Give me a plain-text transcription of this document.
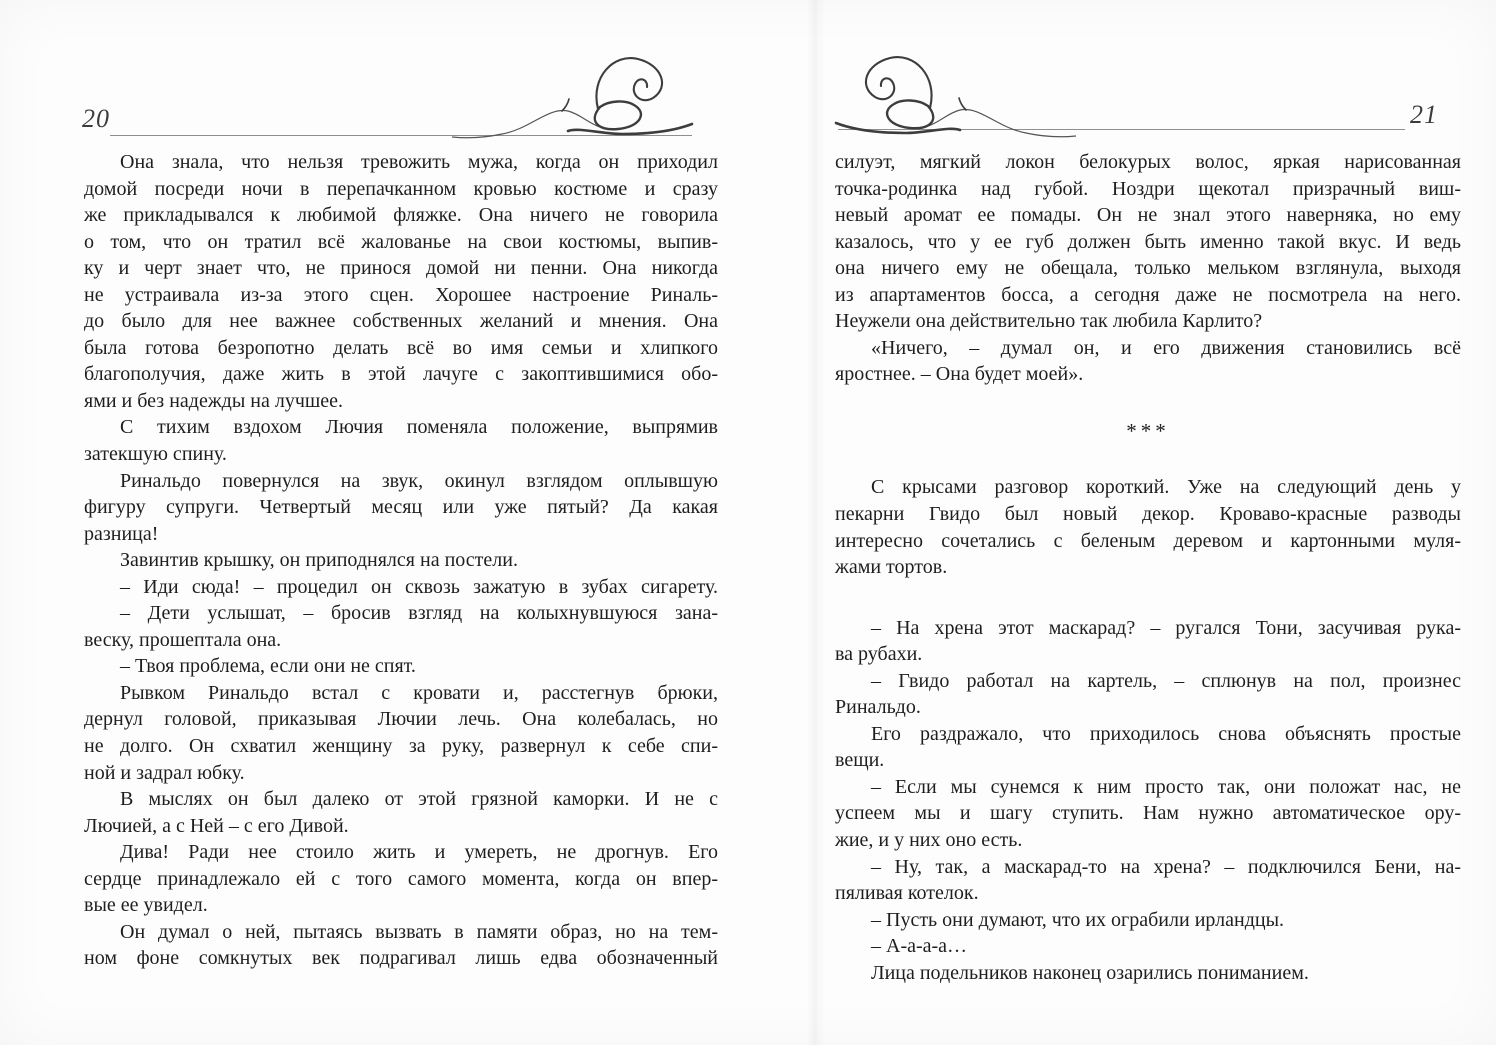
20

Она знала, что нельзя тревожить мужа, когда он приходил

домой посреди ночи в перепачканном кровью костюме и сразу

же прикладывался к любимой фляжке. Она ничего не говорила

о том, что он тратил всё жалованье на свои костюмы, выпив-

ку и черт знает что, не принося домой ни пенни. Она никогда

не устраивала из-за этого сцен. Хорошее настроение Риналь-

до было для нее важнее собственных желаний и мнения. Она

была готова безропотно делать всё во имя семьи и хлипкого

благополучия, даже жить в этой лачуге с закоптившимися обо-

ями и без надежды на лучшее.

С тихим вздохом Лючия поменяла положение, выпрямив

затекшую спину.

Ринальдо повернулся на звук, окинул взглядом оплывшую

фигуру супруги. Четвертый месяц или уже пятый? Да какая

разница!

Завинтив крышку, он приподнялся на постели.

– Иди сюда! – процедил он сквозь зажатую в зубах сигарету.

– Дети услышат, – бросив взгляд на колыхнувшуюся зана-

веску, прошептала она.

– Твоя проблема, если они не спят.

Рывком Ринальдо встал с кровати и, расстегнув брюки,

дернул головой, приказывая Лючии лечь. Она колебалась, но

не долго. Он схватил женщину за руку, развернул к себе спи-

ной и задрал юбку.

В мыслях он был далеко от этой грязной каморки. И не с

Лючией, а с Ней – с его Дивой.

Дива! Ради нее стоило жить и умереть, не дрогнув. Его

сердце принадлежало ей с того самого момента, когда он впер-

вые ее увидел.

Он думал о ней, пытаясь вызвать в памяти образ, но на тем-

ном фоне сомкнутых век подрагивал лишь едва обозначенный

21

силуэт, мягкий локон белокурых волос, яркая нарисованная

точка-родинка над губой. Ноздри щекотал призрачный виш-

невый аромат ее помады. Он не знал этого наверняка, но ему

казалось, что у ее губ должен быть именно такой вкус. И ведь

она ничего ему не обещала, только мельком взглянула, выходя

из апартаментов босса, а сегодня даже не посмотрела на него.

Неужели она действительно так любила Карлито?

«Ничего, – думал он, и его движения становились всё

яростнее. – Она будет моей».

***

С крысами разговор короткий. Уже на следующий день у

пекарни Гвидо был новый декор. Кроваво-красные разводы

интересно сочетались с беленым деревом и картонными муля-

жами тортов.

– На хрена этот маскарад? – ругался Тони, засучивая рука-

ва рубахи.

– Гвидо работал на картель, – сплюнув на пол, произнес

Ринальдо.

Его раздражало, что приходилось снова объяснять простые

вещи.

– Если мы сунемся к ним просто так, они положат нас, не

успеем мы и шагу ступить. Нам нужно автоматическое ору-

жие, и у них оно есть.

– Ну, так, а маскарад-то на хрена? – подключился Бени, на-

пяливая котелок.

– Пусть они думают, что их ограбили ирландцы.

– А-а-а-а…

Лица подельников наконец озарились пониманием.
